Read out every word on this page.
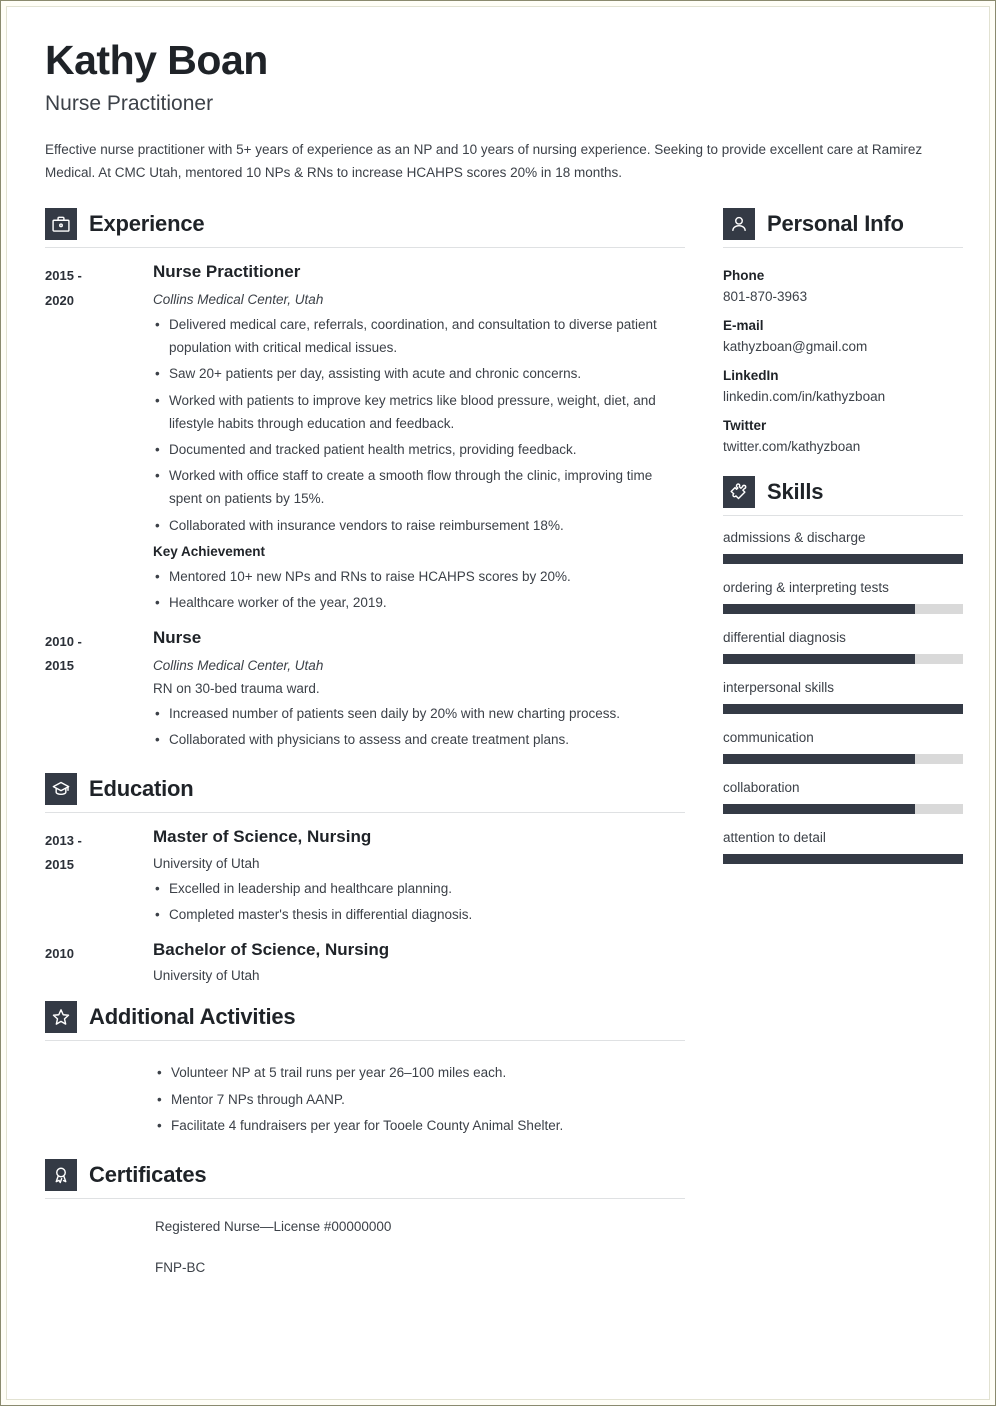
Kathy Boan
Nurse Practitioner

Effective nurse practitioner with 5+ years of experience as an NP and 10 years of nursing experience. Seeking to provide excellent care at Ramirez Medical. At CMC Utah, mentored 10 NPs & RNs to increase HCAHPS scores 20% in 18 months.

Experience
2015 -
2020
Nurse Practitioner
Collins Medical Center, Utah
• Delivered medical care, referrals, coordination, and consultation to diverse patient population with critical medical issues.
• Saw 20+ patients per day, assisting with acute and chronic concerns.
• Worked with patients to improve key metrics like blood pressure, weight, diet, and lifestyle habits through education and feedback.
• Documented and tracked patient health metrics, providing feedback.
• Worked with office staff to create a smooth flow through the clinic, improving time spent on patients by 15%.
• Collaborated with insurance vendors to raise reimbursement 18%.
Key Achievement
• Mentored 10+ new NPs and RNs to raise HCAHPS scores by 20%.
• Healthcare worker of the year, 2019.
2010 -
2015
Nurse
Collins Medical Center, Utah
RN on 30-bed trauma ward.
• Increased number of patients seen daily by 20% with new charting process.
• Collaborated with physicians to assess and create treatment plans.
Education
2013 -
2015
Master of Science, Nursing
University of Utah
• Excelled in leadership and healthcare planning.
• Completed master's thesis in differential diagnosis.
2010	Bachelor of Science, Nursing
University of Utah
Additional Activities
• Volunteer NP at 5 trail runs per year 26–100 miles each.
• Mentor 7 NPs through AANP.
• Facilitate 4 fundraisers per year for Tooele County Animal Shelter.
Certificates
Registered Nurse—License #00000000
FNP-BC
Personal Info
Phone
801-870-3963
E-mail
kathyzboan@gmail.com
LinkedIn
linkedin.com/in/kathyzboan
Twitter
twitter.com/kathyzboan
Skills
admissions & discharge
ordering & interpreting tests
differential diagnosis
interpersonal skills
communication
collaboration
attention to detail
